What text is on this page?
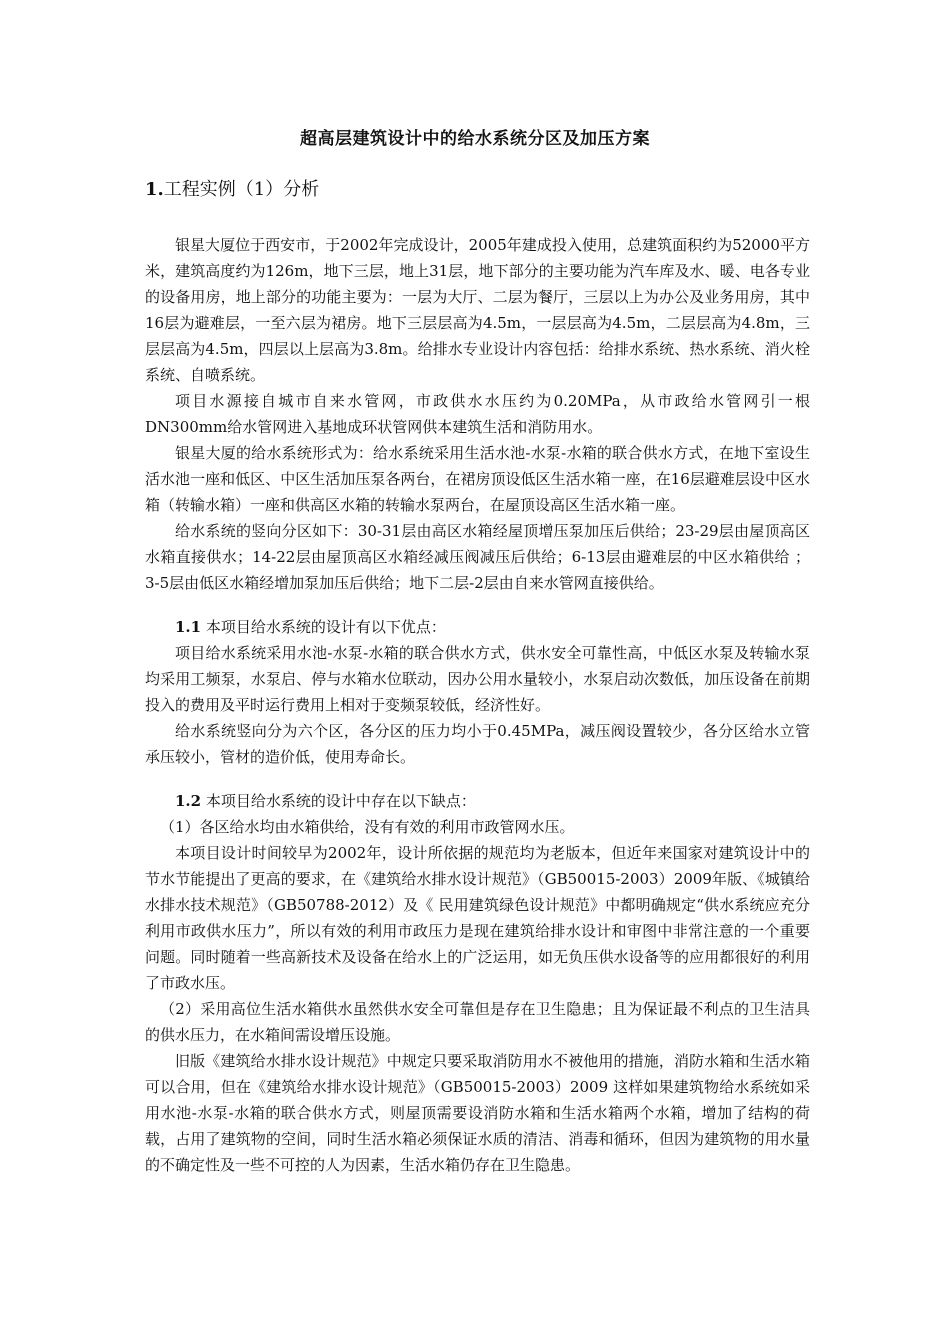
超高层建筑设计中的给水系统分区及加压方案
1.工程实例（1）分析

银星大厦位于西安市，于2002年完成设计，2005年建成投入使用，总建筑面积约为52000平方米，建筑高度约为126m，地下三层，地上31层，地下部分的主要功能为汽车库及水、暖、电各专业的设备用房，地上部分的功能主要为：一层为大厅、二层为餐厅，三层以上为办公及业务用房，其中16层为避难层，一至六层为裙房。地下三层层高为4.5m，一层层高为4.5m，二层层高为4.8m，三层层高为4.5m，四层以上层高为3.8m。给排水专业设计内容包括：给排水系统、热水系统、消火栓系统、自喷系统。

项目水源接自城市自来水管网，市政供水水压约为0.20MPa，从市政给水管网引一根DN300mm给水管网进入基地成环状管网供本建筑生活和消防用水。

银星大厦的给水系统形式为：给水系统采用生活水池-水泵-水箱的联合供水方式，在地下室设生活水池一座和低区、中区生活加压泵各两台，在裙房顶设低区生活水箱一座，在16层避难层设中区水箱（转输水箱）一座和供高区水箱的转输水泵两台，在屋顶设高区生活水箱一座。

给水系统的竖向分区如下：30-31层由高区水箱经屋顶增压泵加压后供给；23-29层由屋顶高区水箱直接供水；14-22层由屋顶高区水箱经减压阀减压后供给；6-13层由避难层的中区水箱供给 ；3-5层由低区水箱经增加泵加压后供给；地下二层-2层由自来水管网直接供给。

1.1 本项目给水系统的设计有以下优点：

项目给水系统采用水池-水泵-水箱的联合供水方式，供水安全可靠性高，中低区水泵及转输水泵均采用工频泵，水泵启、停与水箱水位联动，因办公用水量较小，水泵启动次数低，加压设备在前期投入的费用及平时运行费用上相对于变频泵较低，经济性好。

给水系统竖向分为六个区，各分区的压力均小于0.45MPa，减压阀设置较少，各分区给水立管承压较小，管材的造价低，使用寿命长。

1.2 本项目给水系统的设计中存在以下缺点：

（1）各区给水均由水箱供给，没有有效的利用市政管网水压。

本项目设计时间较早为2002年，设计所依据的规范均为老版本，但近年来国家对建筑设计中的节水节能提出了更高的要求，在《建筑给水排水设计规范》（GB50015-2003）2009年版、《城镇给水排水技术规范》（GB50788-2012）及《 民用建筑绿色设计规范》中都明确规定“供水系统应充分利用市政供水压力”，所以有效的利用市政压力是现在建筑给排水设计和审图中非常注意的一个重要问题。同时随着一些高新技术及设备在给水上的广泛运用，如无负压供水设备等的应用都很好的利用了市政水压。

（2）采用高位生活水箱供水虽然供水安全可靠但是存在卫生隐患；且为保证最不利点的卫生洁具的供水压力，在水箱间需设增压设施。

旧版《建筑给水排水设计规范》中规定只要采取消防用水不被他用的措施，消防水箱和生活水箱可以合用，但在《建筑给水排水设计规范》（GB50015-2003）2009 这样如果建筑物给水系统如采用水池-水泵-水箱的联合供水方式，则屋顶需要设消防水箱和生活水箱两个水箱，增加了结构的荷载，占用了建筑物的空间，同时生活水箱必须保证水质的清洁、消毒和循环，但因为建筑物的用水量的不确定性及一些不可控的人为因素，生活水箱仍存在卫生隐患。
